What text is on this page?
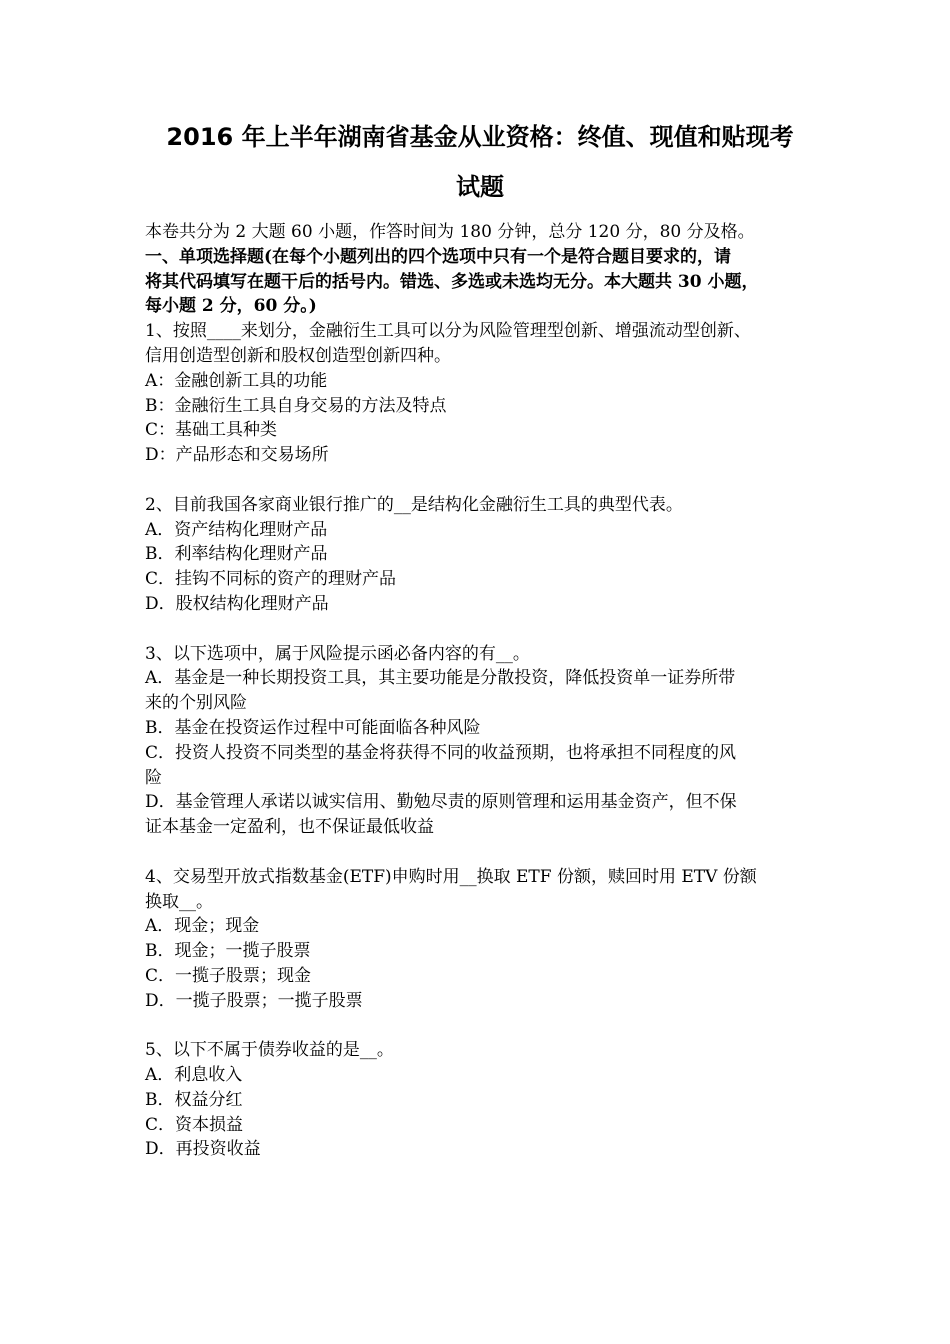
2016 年上半年湖南省基金从业资格：终值、现值和贴现考
试题

本卷共分为 2 大题 60 小题，作答时间为 180 分钟，总分 120 分，80 分及格。

一、单项选择题(在每个小题列出的四个选项中只有一个是符合题目要求的，请

将其代码填写在题干后的括号内。错选、多选或未选均无分。本大题共 30 小题，

每小题 2 分，60 分。)

1、按照____来划分，金融衍生工具可以分为风险管理型创新、增强流动型创新、

信用创造型创新和股权创造型创新四种。

A：金融创新工具的功能

B：金融衍生工具自身交易的方法及特点

C：基础工具种类

D：产品形态和交易场所

2、目前我国各家商业银行推广的__是结构化金融衍生工具的典型代表。

A．资产结构化理财产品

B．利率结构化理财产品

C．挂钩不同标的资产的理财产品

D．股权结构化理财产品

3、以下选项中，属于风险提示函必备内容的有__。

A．基金是一种长期投资工具，其主要功能是分散投资，降低投资单一证券所带

来的个别风险

B．基金在投资运作过程中可能面临各种风险

C．投资人投资不同类型的基金将获得不同的收益预期，也将承担不同程度的风

险

D．基金管理人承诺以诚实信用、勤勉尽责的原则管理和运用基金资产，但不保

证本基金一定盈利，也不保证最低收益

4、交易型开放式指数基金(ETF)申购时用__换取 ETF 份额，赎回时用 ETV 份额

换取__。

A．现金；现金

B．现金；一揽子股票

C．一揽子股票；现金

D．一揽子股票；一揽子股票

5、以下不属于债券收益的是__。

A．利息收入

B．权益分红

C．资本损益

D．再投资收益
